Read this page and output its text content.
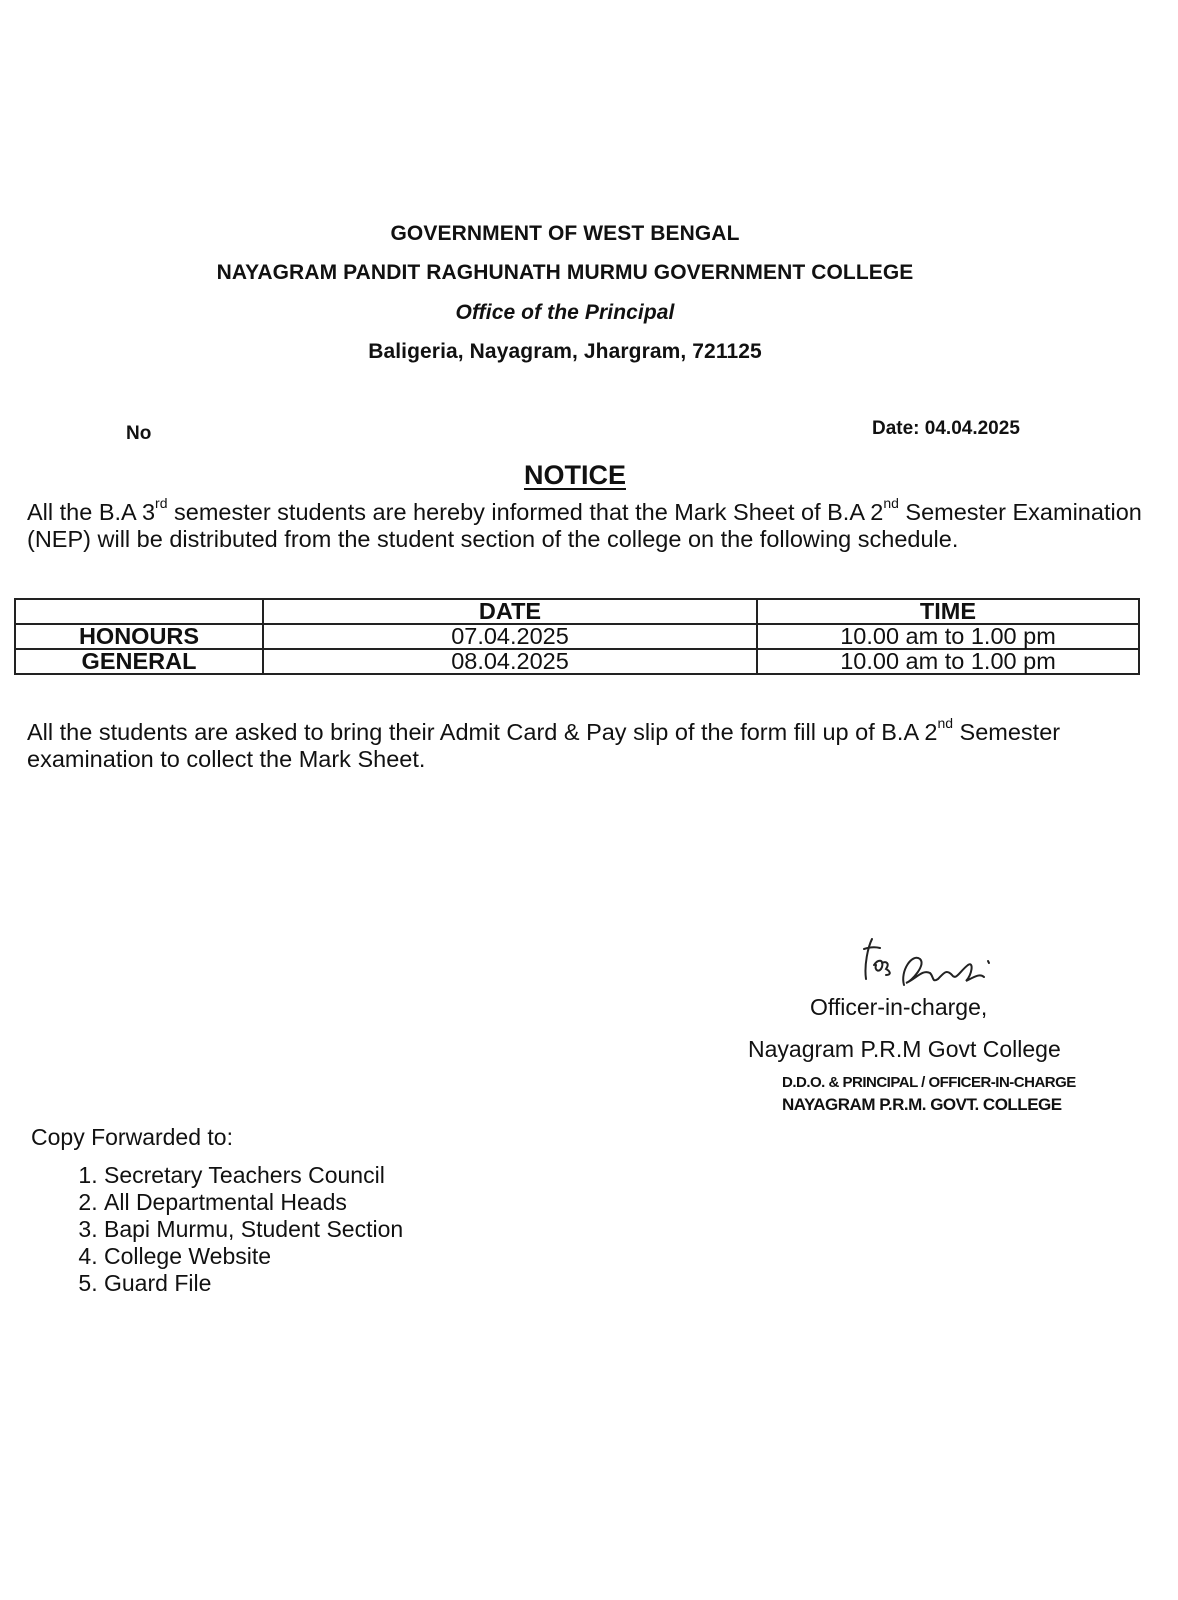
GOVERNMENT OF WEST BENGAL
NAYAGRAM PANDIT RAGHUNATH MURMU GOVERNMENT COLLEGE
Office of the Principal
Baligeria, Nayagram, Jhargram, 721125
No	Date: 04.04.2025
NOTICE
All the B.A 3rd semester students are hereby informed that the Mark Sheet of B.A 2nd Semester Examination (NEP) will be distributed from the student section of the college on the following schedule.
	DATE	TIME
HONOURS	07.04.2025	10.00 am to 1.00 pm
GENERAL	08.04.2025	10.00 am to 1.00 pm
All the students are asked to bring their Admit Card & Pay slip of the form fill up of B.A 2nd Semester examination to collect the Mark Sheet.
Officer-in-charge,
Nayagram P.R.M Govt College
D.D.O. & PRINCIPAL / OFFICER-IN-CHARGE
NAYAGRAM P.R.M. GOVT. COLLEGE
Copy Forwarded to:
1. Secretary Teachers Council
2. All Departmental Heads
3. Bapi Murmu, Student Section
4. College Website
5. Guard File
